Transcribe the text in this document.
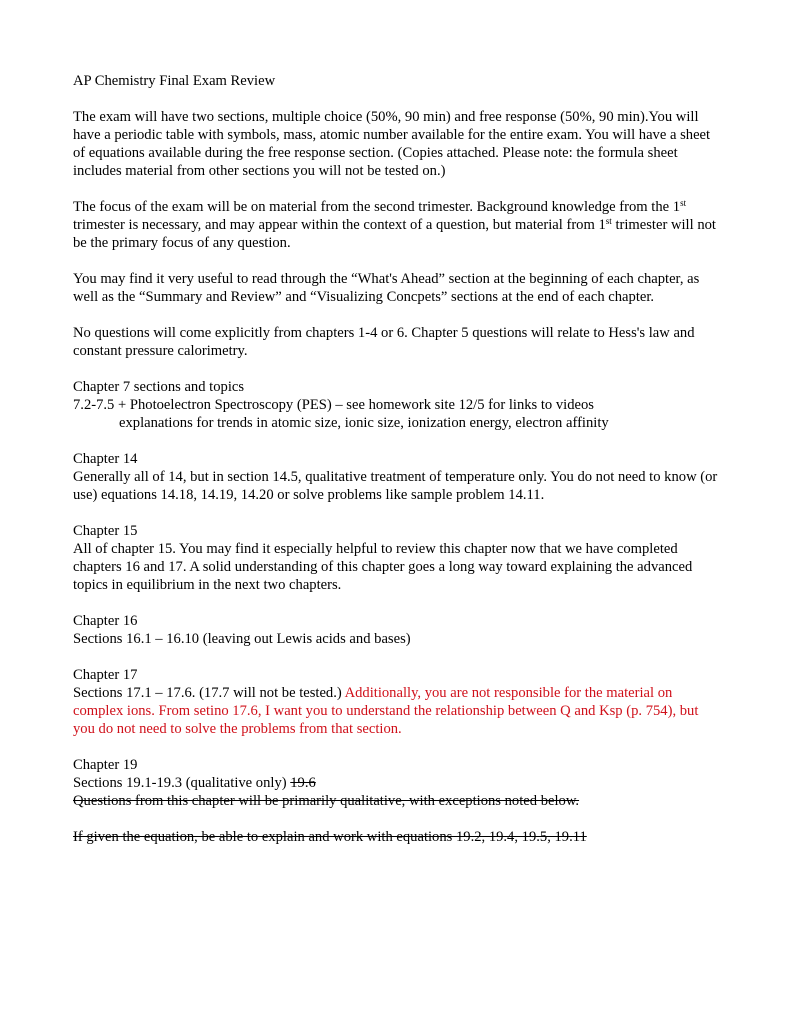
AP Chemistry Final Exam Review

The exam will have two sections, multiple choice (50%, 90 min) and free response (50%, 90 min).You will have a periodic table with symbols, mass, atomic number available for the entire exam. You will have a sheet of equations available during the free response section. (Copies attached. Please note: the formula sheet includes material from other sections you will not be tested on.)

The focus of the exam will be on material from the second trimester. Background knowledge from the 1st trimester is necessary, and may appear within the context of a question, but material from 1st trimester will not be the primary focus of any question.

You may find it very useful to read through the “What's Ahead” section at the beginning of each chapter, as well as the “Summary and Review” and “Visualizing Concpets” sections at the end of each chapter.

No questions will come explicitly from chapters 1-4 or 6. Chapter 5 questions will relate to Hess's law and constant pressure calorimetry.

Chapter 7 sections and topics
7.2-7.5 + Photoelectron Spectroscopy (PES) – see homework site 12/5 for links to videos
explanations for trends in atomic size, ionic size, ionization energy, electron affinity

Chapter 14
Generally all of 14, but in section 14.5, qualitative treatment of temperature only. You do not need to know (or use) equations 14.18, 14.19, 14.20 or solve problems like sample problem 14.11.

Chapter 15
All of chapter 15. You may find it especially helpful to review this chapter now that we have completed chapters 16 and 17. A solid understanding of this chapter goes a long way toward explaining the advanced topics in equilibrium in the next two chapters.

Chapter 16
Sections 16.1 – 16.10 (leaving out Lewis acids and bases)

Chapter 17
Sections 17.1 – 17.6. (17.7 will not be tested.) Additionally, you are not responsible for the material on complex ions. From setino 17.6, I want you to understand the relationship between Q and Ksp (p. 754), but you do not need to solve the problems from that section.

Chapter 19
Sections 19.1-19.3 (qualitative only) 19.6
Questions from this chapter will be primarily qualitative, with exceptions noted below.

If given the equation, be able to explain and work with equations 19.2, 19.4, 19.5, 19.11
